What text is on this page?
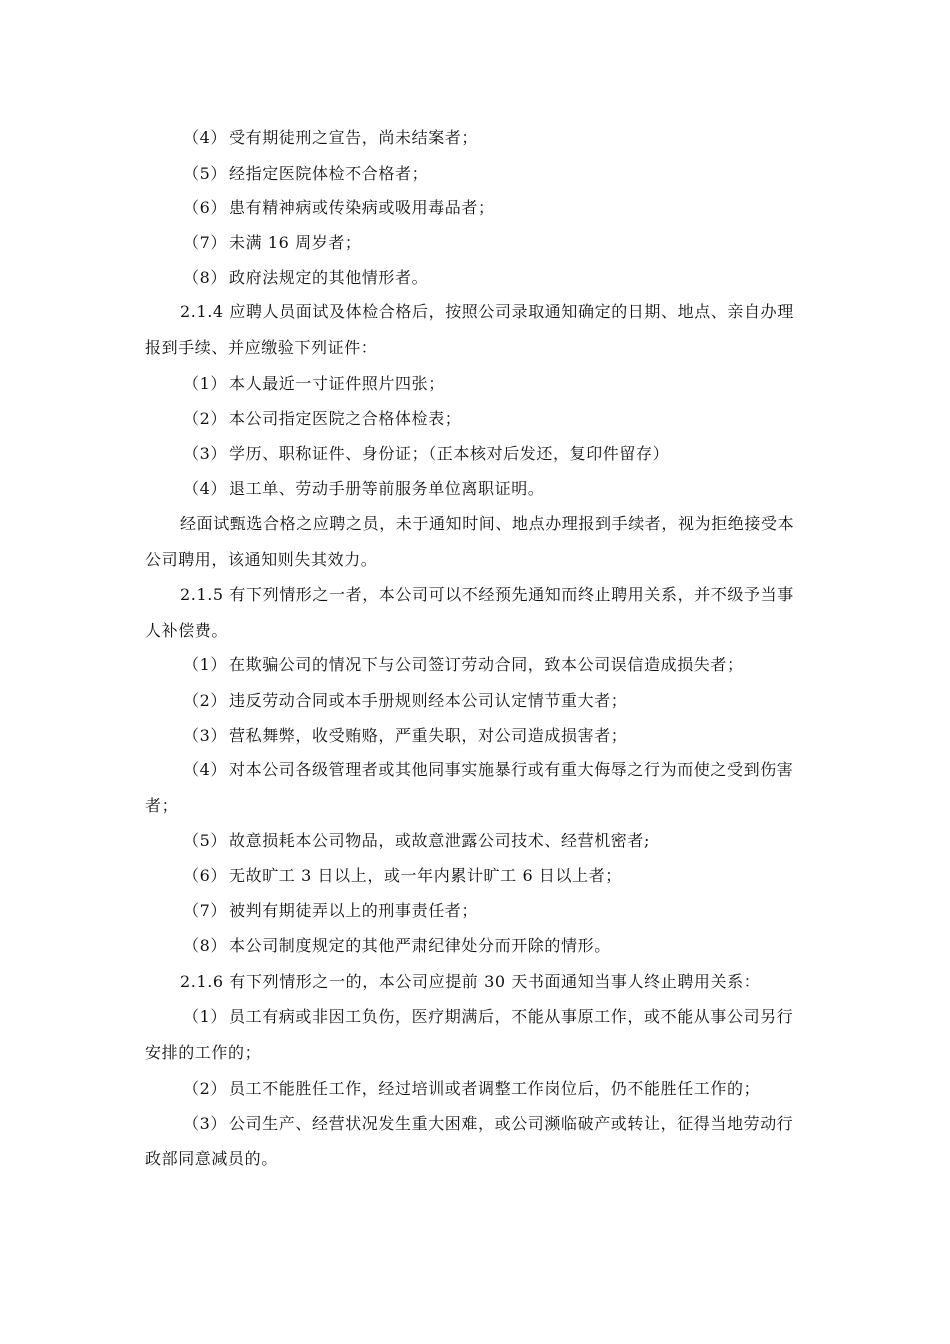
（4） 受有期徒刑之宣告，尚未结案者；
（5） 经指定医院体检不合格者；
（6） 患有精神病或传染病或吸用毒品者；
（7） 未满 16 周岁者；
（8） 政府法规定的其他情形者。
2.1.4 应聘人员面试及体检合格后，按照公司录取通知确定的日期、地点、亲自办理
报到手续、并应缴验下列证件：
（1） 本人最近一寸证件照片四张；
（2） 本公司指定医院之合格体检表；
（3） 学历、职称证件、身份证；（正本核对后发还，复印件留存）
（4） 退工单、劳动手册等前服务单位离职证明。
经面试甄选合格之应聘之员，未于通知时间、地点办理报到手续者，视为拒绝接受本
公司聘用，该通知则失其效力。
2.1.5 有下列情形之一者，本公司可以不经预先通知而终止聘用关系，并不级予当事
人补偿费。
（1） 在欺骗公司的情况下与公司签订劳动合同，致本公司误信造成损失者；
（2） 违反劳动合同或本手册规则经本公司认定情节重大者；
（3） 营私舞弊，收受贿赂，严重失职，对公司造成损害者；
（4） 对本公司各级管理者或其他同事实施暴行或有重大侮辱之行为而使之受到伤害
者；
（5） 故意损耗本公司物品，或故意泄露公司技术、经营机密者;
（6） 无故旷工 3 日以上，或一年内累计旷工 6 日以上者；
（7） 被判有期徒弄以上的刑事责任者；
（8） 本公司制度规定的其他严肃纪律处分而开除的情形。
2.1.6 有下列情形之一的，本公司应提前 30 天书面通知当事人终止聘用关系：
（1） 员工有病或非因工负伤，医疗期满后，不能从事原工作，或不能从事公司另行
安排的工作的；
（2） 员工不能胜任工作，经过培训或者调整工作岗位后，仍不能胜任工作的；
（3） 公司生产、经营状况发生重大困难，或公司濒临破产或转让，征得当地劳动行
政部同意减员的。
